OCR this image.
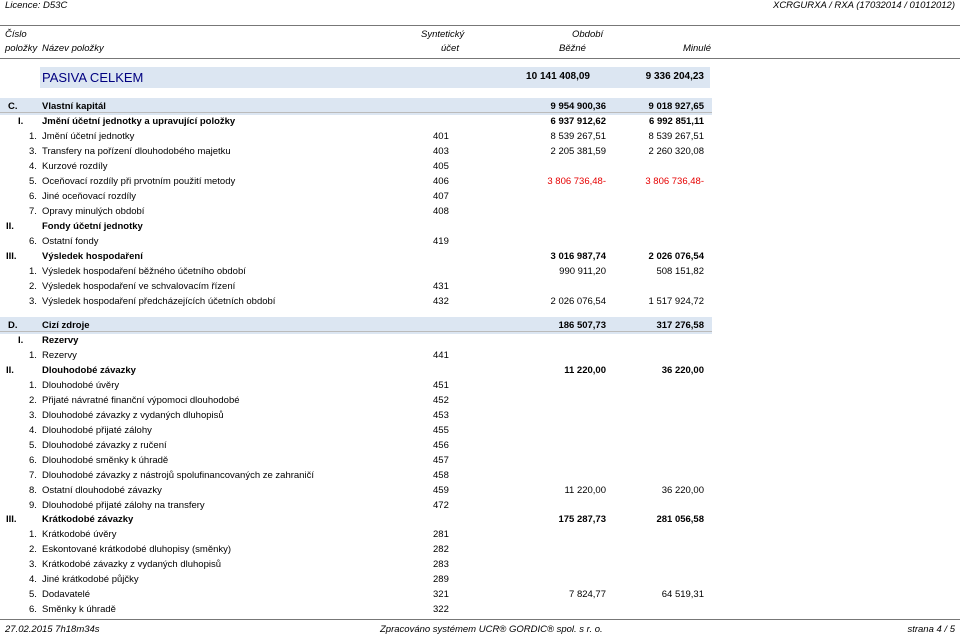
Licence: D53C	XCRGURXA / RXA (17032014 / 01012012)
Číslo
položky Název položky
Syntetický
účet
Období
Běžné	Minulé
PASIVA CELKEM	10 141 408,09	9 336 204,23
C.	Vlastní kapitál	9 954 900,36	9 018 927,65
I. Jmění účetní jednotky a upravující položky	6 937 912,62	6 992 851,11
1. Jmění účetní jednotky	401	8 539 267,51	8 539 267,51
3. Transfery na pořízení dlouhodobého majetku	403	2 205 381,59	2 260 320,08
4. Kurzové rozdíly	405
5. Oceňovací rozdíly při prvotním použití metody	406	3 806 736,48-	3 806 736,48-
6. Jiné oceňovací rozdíly	407
7. Opravy minulých období	408
II.	Fondy účetní jednotky
6. Ostatní fondy	419
III.	Výsledek hospodaření	3 016 987,74	2 026 076,54
1. Výsledek hospodaření běžného účetního období	990 911,20	508 151,82
2. Výsledek hospodaření ve schvalovacím řízení	431
3. Výsledek hospodaření předcházejících účetních období	432	2 026 076,54	1 517 924,72
D.	Cizí zdroje	186 507,73	317 276,58
I. Rezervy
1. Rezervy	441
II.	Dlouhodobé závazky	11 220,00	36 220,00
1. Dlouhodobé úvěry	451
2. Přijaté návratné finanční výpomoci dlouhodobé	452
3. Dlouhodobé závazky z vydaných dluhopisů	453
4. Dlouhodobé přijaté zálohy	455
5. Dlouhodobé závazky z ručení	456
6. Dlouhodobé směnky k úhradě	457
7. Dlouhodobé závazky z nástrojů spolufinancovaných ze zahraničí	458
8. Ostatní dlouhodobé závazky	459	11 220,00	36 220,00
9. Dlouhodobé přijaté zálohy na transfery	472
III.	Krátkodobé závazky	175 287,73	281 056,58
1. Krátkodobé úvěry	281
2. Eskontované krátkodobé dluhopisy (směnky)	282
3. Krátkodobé závazky z vydaných dluhopisů	283
4. Jiné krátkodobé půjčky	289
5. Dodavatelé	321	7 824,77	64 519,31
6. Směnky k úhradě	322
27.02.2015 7h18m34s	Zpracováno systémem UCR® GORDIC® spol. s r. o.	strana 4 / 5
